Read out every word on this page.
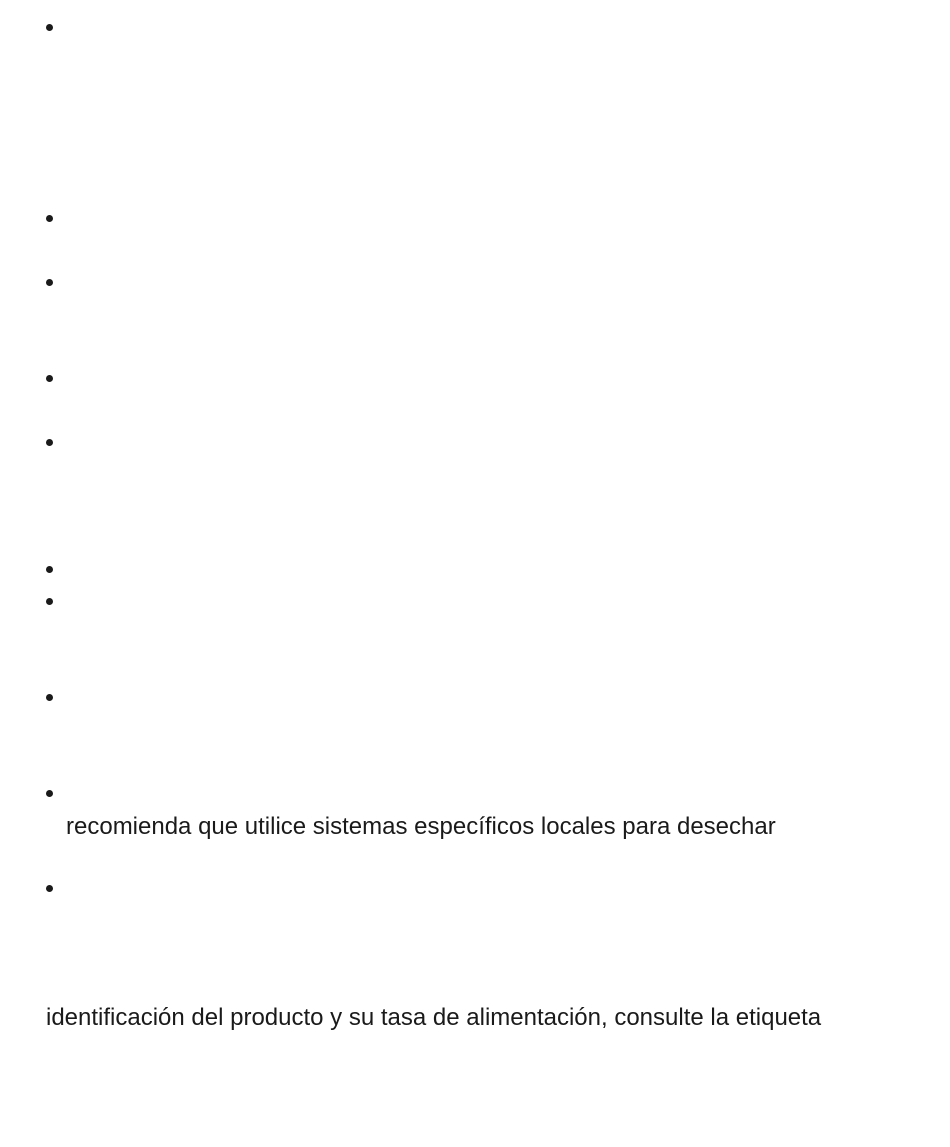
recomienda que utilice sistemas específicos locales para desechar

identificación del producto y su tasa de alimentación, consulte la etiqueta
